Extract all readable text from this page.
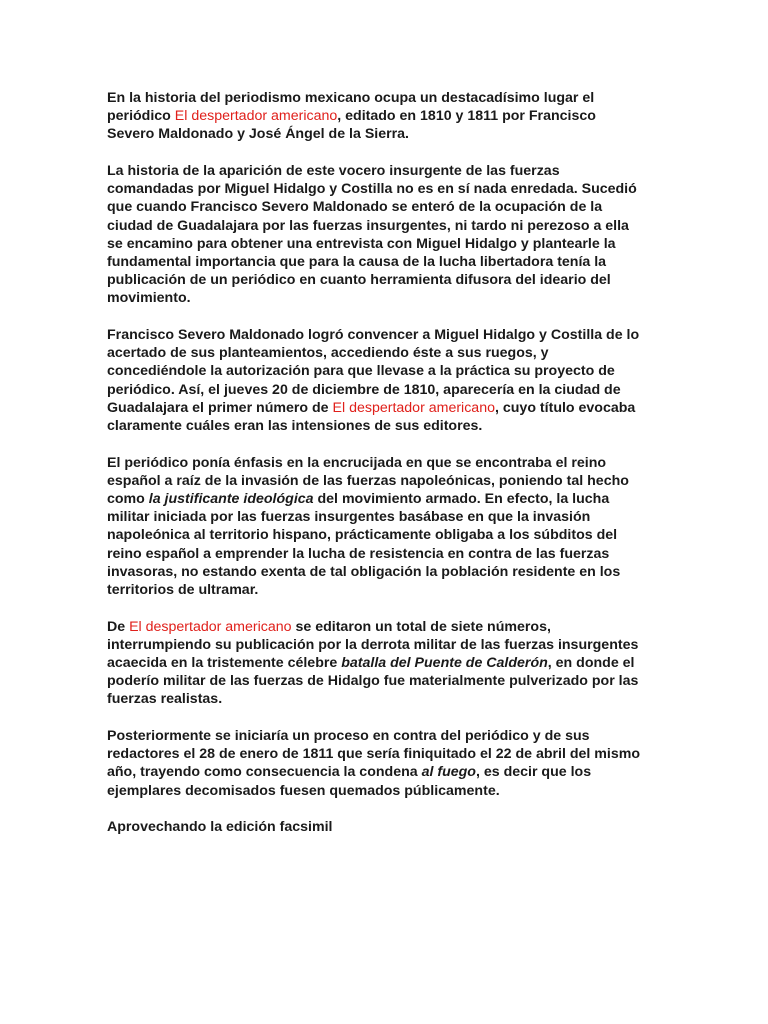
En la historia del periodismo mexicano ocupa un destacadísimo lugar el periódico El despertador americano, editado en 1810 y 1811 por Francisco Severo Maldonado y José Ángel de la Sierra.

La historia de la aparición de este vocero insurgente de las fuerzas comandadas por Miguel Hidalgo y Costilla no es en sí nada enredada. Sucedió que cuando Francisco Severo Maldonado se enteró de la ocupación de la ciudad de Guadalajara por las fuerzas insurgentes, ni tardo ni perezoso a ella se encamino para obtener una entrevista con Miguel Hidalgo y plantearle la fundamental importancia que para la causa de la lucha libertadora tenía la publicación de un periódico en cuanto herramienta difusora del ideario del movimiento.

Francisco Severo Maldonado logró convencer a Miguel Hidalgo y Costilla de lo acertado de sus planteamientos, accediendo éste a sus ruegos, y concediéndole la autorización para que llevase a la práctica su proyecto de periódico. Así, el jueves 20 de diciembre de 1810, aparecería en la ciudad de Guadalajara el primer número de El despertador americano, cuyo título evocaba claramente cuáles eran las intensiones de sus editores.

El periódico ponía énfasis en la encrucijada en que se encontraba el reino español a raíz de la invasión de las fuerzas napoleónicas, poniendo tal hecho como la justificante ideológica del movimiento armado. En efecto, la lucha militar iniciada por las fuerzas insurgentes basábase en que la invasión napoleónica al territorio hispano, prácticamente obligaba a los súbditos del reino español a emprender la lucha de resistencia en contra de las fuerzas invasoras, no estando exenta de tal obligación la población residente en los territorios de ultramar.

De El despertador americano se editaron un total de siete números, interrumpiendo su publicación por la derrota militar de las fuerzas insurgentes acaecida en la tristemente célebre batalla del Puente de Calderón, en donde el poderío militar de las fuerzas de Hidalgo fue materialmente pulverizado por las fuerzas realistas.

Posteriormente se iniciaría un proceso en contra del periódico y de sus redactores el 28 de enero de 1811 que sería finiquitado el 22 de abril del mismo año, trayendo como consecuencia la condena al fuego, es decir que los ejemplares decomisados fuesen quemados públicamente.

Aprovechando la edición facsimil
